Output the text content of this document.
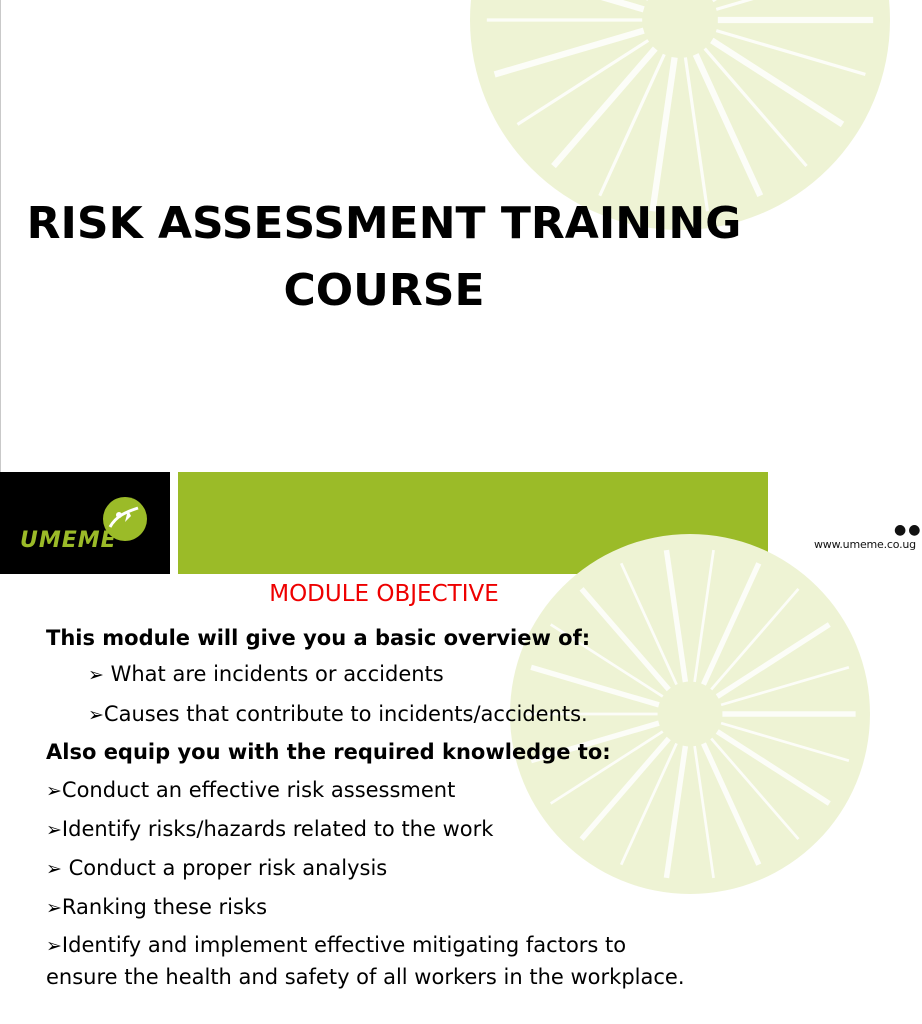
RISK ASSESSMENT TRAINING
COURSE
UMEME	●●
www.umeme.co.ug
MODULE OBJECTIVE
This module will give you a basic overview of:
➢ What are incidents or accidents
➢Causes that contribute to incidents/accidents.
Also equip you with the required knowledge to:
➢Conduct an effective risk assessment
➢Identify risks/hazards related to the work
➢ Conduct a proper risk analysis
➢Ranking these risks
➢Identify and implement effective mitigating factors to
ensure the health and safety of all workers in the workplace.
